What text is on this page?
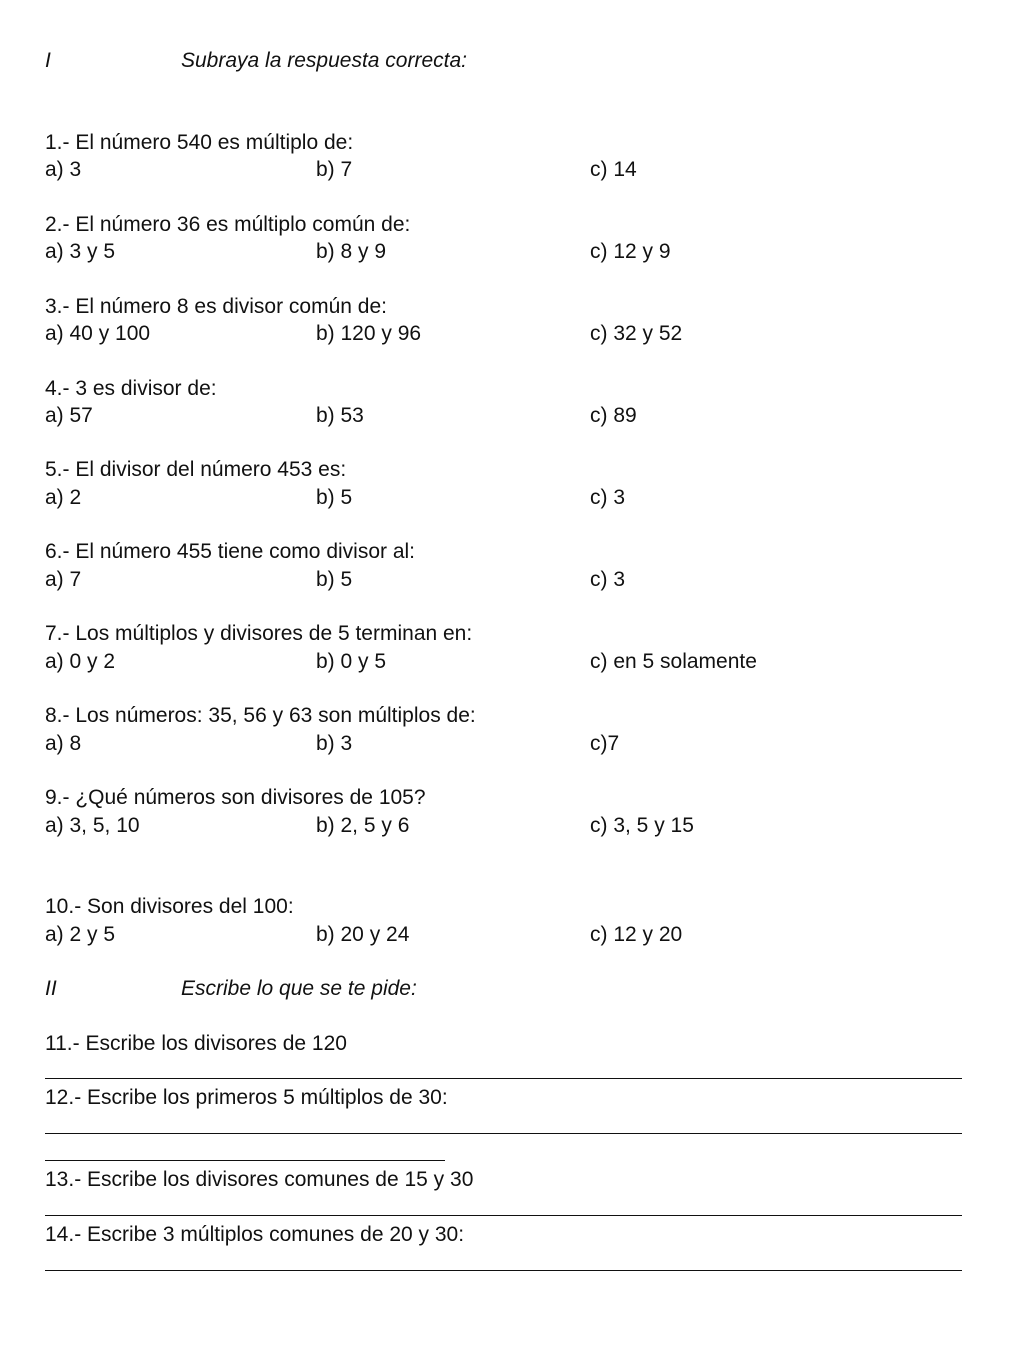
I	Subraya la respuesta correcta:
1.- El número 540 es múltiplo de:
a) 3	b) 7	c) 14
2.- El número 36 es múltiplo común de:
a) 3 y 5	b) 8 y 9	c) 12 y 9
3.- El número 8 es divisor común de:
a) 40 y 100	b) 120 y 96	c) 32 y 52
4.- 3 es divisor de:
a) 57	b) 53	c) 89
5.- El divisor del número 453 es:
a) 2	b) 5	c) 3
6.- El número 455 tiene como divisor al:
a) 7	b) 5	c) 3
7.- Los múltiplos y divisores de 5 terminan en:
a) 0 y 2	b) 0 y 5	c) en 5 solamente
8.- Los números: 35, 56 y 63 son múltiplos de:
a) 8	b) 3	c)7
9.- ¿Qué números son divisores de 105?
a) 3, 5, 10	b) 2, 5 y 6	c) 3, 5 y 15
10.- Son divisores del 100:
a) 2 y 5	b) 20 y 24	c) 12 y 20
II	Escribe lo que se te pide:
11.- Escribe los divisores de 120
12.- Escribe los primeros 5 múltiplos de 30:
13.- Escribe los divisores comunes de 15 y 30
14.- Escribe 3 múltiplos comunes de 20 y 30:
